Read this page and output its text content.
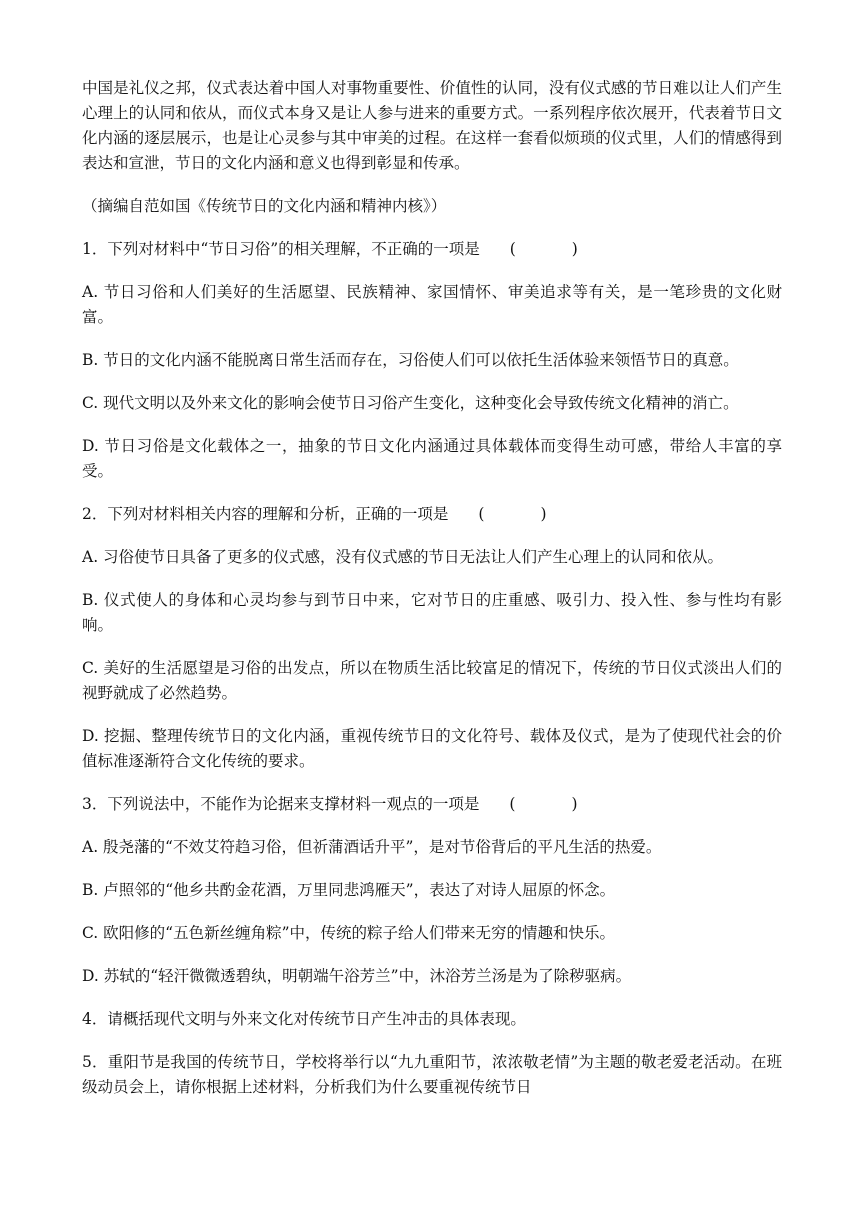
中国是礼仪之邦，仪式表达着中国人对事物重要性、价值性的认同，没有仪式感的节日难以让人们产生心理上的认同和依从，而仪式本身又是让人参与进来的重要方式。一系列程序依次展开，代表着节日文化内涵的逐层展示，也是让心灵参与其中审美的过程。在这样一套看似烦琐的仪式里，人们的情感得到表达和宣泄，节日的文化内涵和意义也得到彰显和传承。

（摘编自范如国《传统节日的文化内涵和精神内核》）

1．下列对材料中“节日习俗”的相关理解，不正确的一项是 (	)

A. 节日习俗和人们美好的生活愿望、民族精神、家国情怀、审美追求等有关，是一笔珍贵的文化财富。

B. 节日的文化内涵不能脱离日常生活而存在，习俗使人们可以依托生活体验来领悟节日的真意。

C. 现代文明以及外来文化的影响会使节日习俗产生变化，这种变化会导致传统文化精神的消亡。

D. 节日习俗是文化载体之一，抽象的节日文化内涵通过具体载体而变得生动可感，带给人丰富的享受。

2．下列对材料相关内容的理解和分析，正确的一项是 (	)

A. 习俗使节日具备了更多的仪式感，没有仪式感的节日无法让人们产生心理上的认同和依从。

B. 仪式使人的身体和心灵均参与到节日中来，它对节日的庄重感、吸引力、投入性、参与性均有影响。

C. 美好的生活愿望是习俗的出发点，所以在物质生活比较富足的情况下，传统的节日仪式淡出人们的视野就成了必然趋势。

D. 挖掘、整理传统节日的文化内涵，重视传统节日的文化符号、载体及仪式，是为了使现代社会的价值标准逐渐符合文化传统的要求。

3．下列说法中，不能作为论据来支撑材料一观点的一项是 (	)

A. 殷尧藩的“不效艾符趋习俗，但祈蒲酒话升平”，是对节俗背后的平凡生活的热爱。

B. 卢照邻的“他乡共酌金花酒，万里同悲鸿雁天”，表达了对诗人屈原的怀念。

C. 欧阳修的“五色新丝缠角粽”中，传统的粽子给人们带来无穷的情趣和快乐。

D. 苏轼的“轻汗微微透碧纨，明朝端午浴芳兰”中，沐浴芳兰汤是为了除秽驱病。

4．请概括现代文明与外来文化对传统节日产生冲击的具体表现。

5．重阳节是我国的传统节日，学校将举行以“九九重阳节，浓浓敬老情”为主题的敬老爱老活动。在班级动员会上，请你根据上述材料，分析我们为什么要重视传统节日
